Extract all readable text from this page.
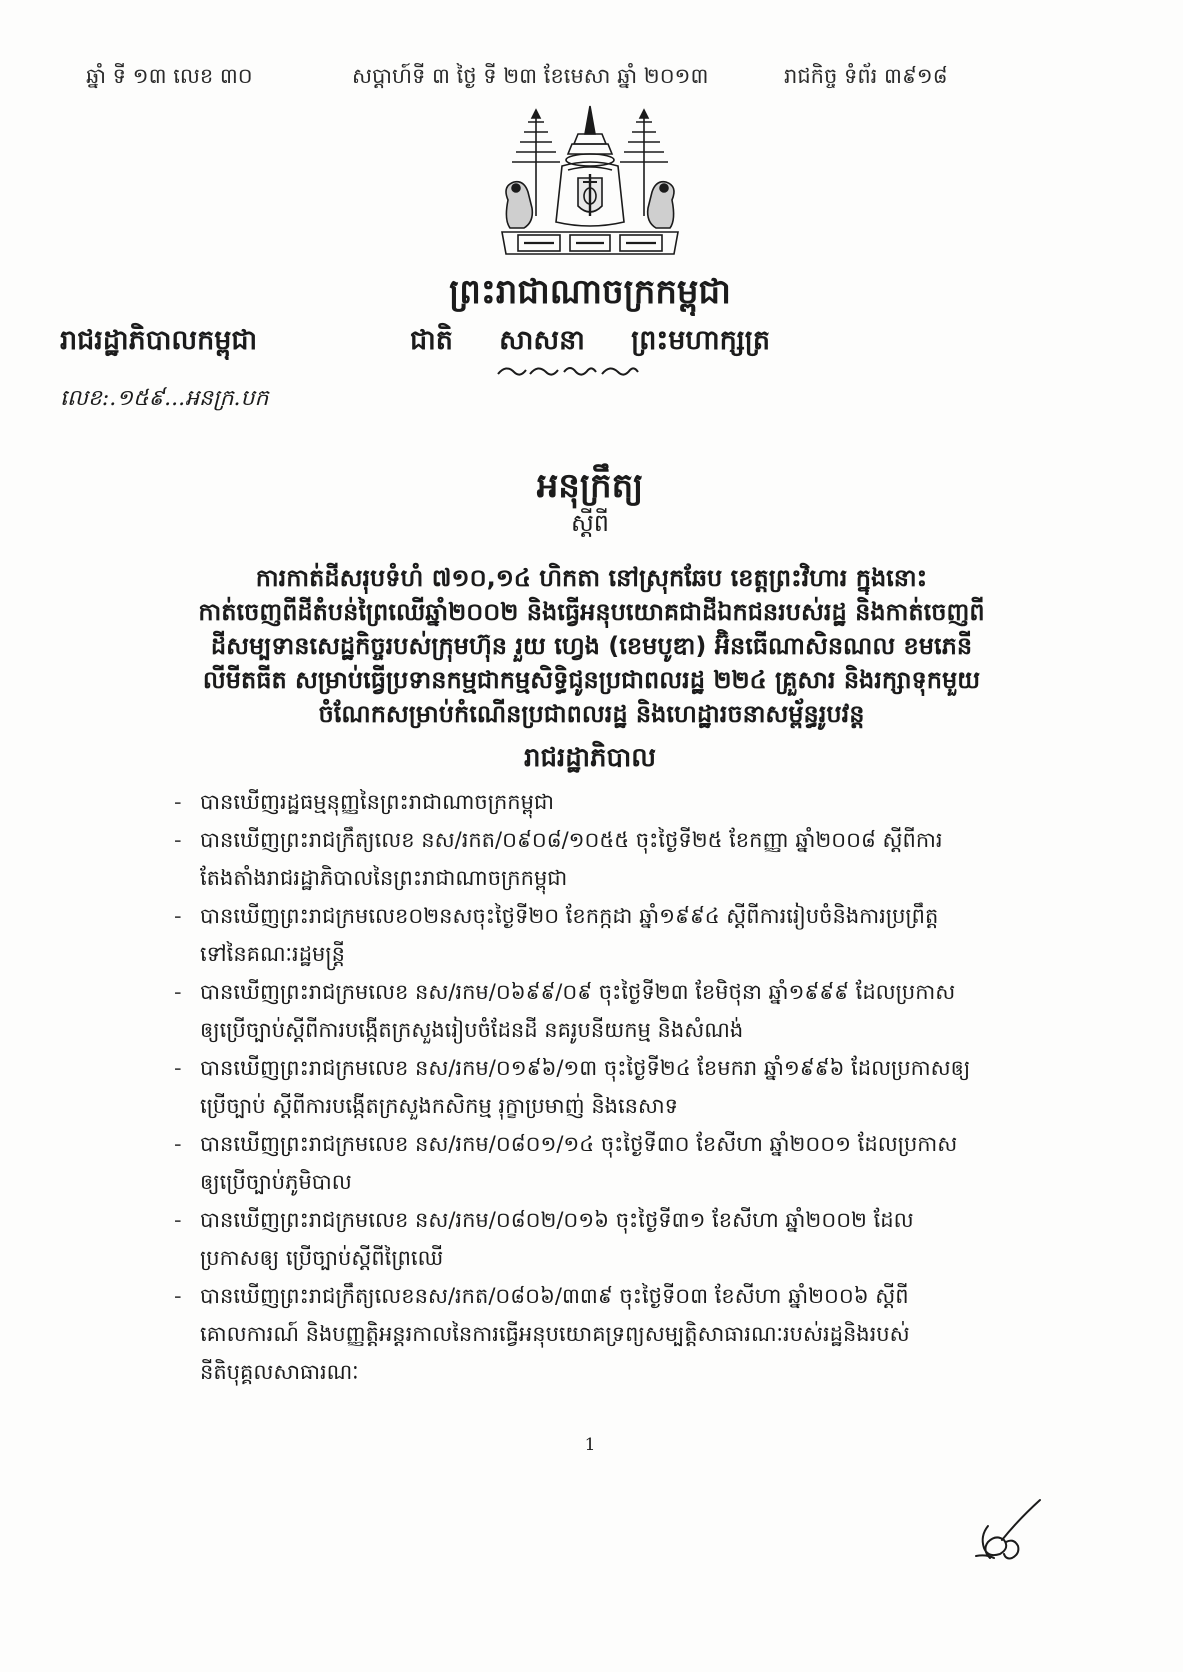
ឆ្នាំ ទី ១៣ លេខ ៣០	សប្តាហ៍ទី ៣ ថ្ងៃ ទី ២៣ ខែមេសា ឆ្នាំ ២០១៣	រាជកិច្ច ទំព័រ ៣៩១៨
ព្រះរាជាណាចក្រកម្ពុជា
រាជរដ្ឋាភិបាលកម្ពុជា	ជាតិ សាសនា ព្រះមហាក្សត្រ
លេខ:.១៥៩...អនក្រ.បក
អនុក្រឹត្យ
ស្តីពី
ការកាត់ដីសរុបទំហំ ៧១០,១៤ ហិកតា នៅស្រុកឆែប ខេត្តព្រះវិហារ ក្នុងនោះ
កាត់ចេញពីដីតំបន់ព្រៃឈើឆ្នាំ២០០២ និងធ្វើអនុបយោគជាដីឯកជនរបស់រដ្ឋ និងកាត់ចេញពី
ដីសម្បទានសេដ្ឋកិច្ចរបស់ក្រុមហ៊ុន រួយ ហ្វេង (ខេមបូឌា) អ៊ិនធើណាសិនណល ខមភេនី
លីមីតធីត សម្រាប់ធ្វើប្រទានកម្មជាកម្មសិទ្ធិជូនប្រជាពលរដ្ឋ ២២៤ គ្រួសារ និងរក្សាទុកមួយ
ចំណែកសម្រាប់កំណើនប្រជាពលរដ្ឋ និងហេដ្ឋារចនាសម្ព័ន្ធរូបវន្ត
រាជរដ្ឋាភិបាល
- បានឃើញរដ្ឋធម្មនុញ្ញនៃព្រះរាជាណាចក្រកម្ពុជា
- បានឃើញព្រះរាជក្រឹត្យលេខ នស/រកត/០៩០៨/១០៥៥ ចុះថ្ងៃទី២៥ ខែកញ្ញា ឆ្នាំ២០០៨ ស្តីពីការ
តែងតាំងរាជរដ្ឋាភិបាលនៃព្រះរាជាណាចក្រកម្ពុជា
- បានឃើញព្រះរាជក្រមលេខ០២នសចុះថ្ងៃទី២០ ខែកក្កដា ឆ្នាំ១៩៩៤ ស្តីពីការរៀបចំនិងការប្រព្រឹត្ត
ទៅនៃគណៈរដ្ឋមន្ត្រី
- បានឃើញព្រះរាជក្រមលេខ នស/រកម/០៦៩៩/០៩ ចុះថ្ងៃទី២៣ ខែមិថុនា ឆ្នាំ១៩៩៩ ដែលប្រកាស
ឲ្យប្រើច្បាប់ស្តីពីការបង្កើតក្រសួងរៀបចំដែនដី នគរូបនីយកម្ម និងសំណង់
- បានឃើញព្រះរាជក្រមលេខ នស/រកម/០១៩៦/១៣ ចុះថ្ងៃទី២៤ ខែមករា ឆ្នាំ១៩៩៦ ដែលប្រកាសឲ្យ
ប្រើច្បាប់ ស្តីពីការបង្កើតក្រសួងកសិកម្ម រុក្ខាប្រមាញ់ និងនេសាទ
- បានឃើញព្រះរាជក្រមលេខ នស/រកម/០៨០១/១៤ ចុះថ្ងៃទី៣០ ខែសីហា ឆ្នាំ២០០១ ដែលប្រកាស
ឲ្យប្រើច្បាប់ភូមិបាល
- បានឃើញព្រះរាជក្រមលេខ នស/រកម/០៨០២/០១៦ ចុះថ្ងៃទី៣១ ខែសីហា ឆ្នាំ២០០២ ដែល
ប្រកាសឲ្យ ប្រើច្បាប់ស្តីពីព្រៃឈើ
- បានឃើញព្រះរាជក្រឹត្យលេខនស/រកត/០៨០៦/៣៣៩ ចុះថ្ងៃទី០៣ ខែសីហា ឆ្នាំ២០០៦ ស្តីពី
គោលការណ៍ និងបញ្ញត្តិអន្តរកាលនៃការធ្វើអនុបយោគទ្រព្យសម្បត្តិសាធារណៈរបស់រដ្ឋនិងរបស់
នីតិបុគ្គលសាធារណៈ
1
